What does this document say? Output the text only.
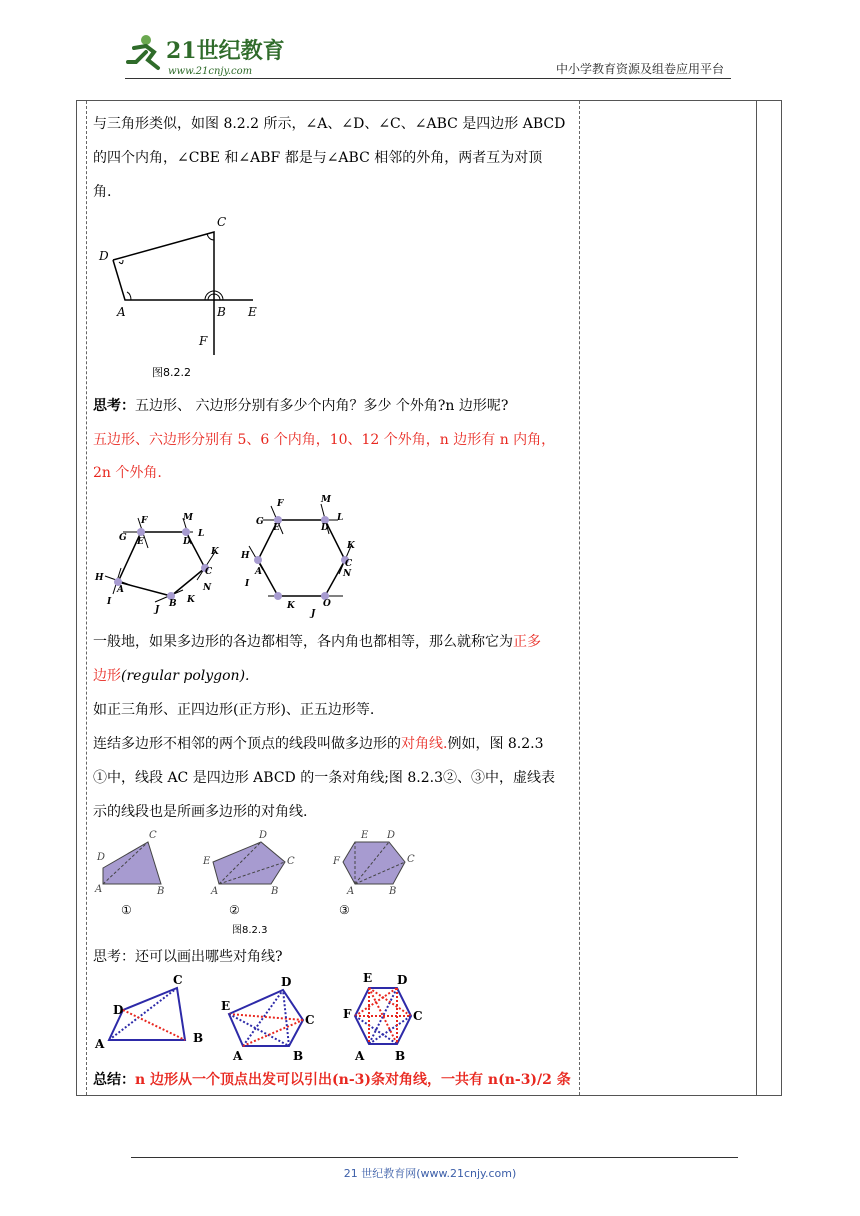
21世纪教育
www.21cnjy.com	中小学教育资源及组卷应用平台
与三角形类似，如图 8.2.2 所示，∠A、∠D、∠C、∠ABC 是四边形 ABCD
的四个内角，∠CBE 和∠ABF 都是与∠ABC 相邻的外角，两者互为对顶
角.
D
C
A	B E
F
图8.2.2
思考：五边形、 六边形分别有多少个内角？多少 个外角?n 边形呢?
五边形、六边形分别有 5、6 个内角，10、12 个外角，n 边形有 n 内角，
2n 个外角.
F	M
G E	D
L
K
C
N
H
A
I
J
B K
F	M
G
E	D
L
H
K
C
A	N
I
K	O
J
一般地，如果多边形的各边都相等，各内角也都相等，那么就称它为正多
边形(regular polygon).
如正三角形、正四边形(正方形)、正五边形等.
连结多边形不相邻的两个顶点的线段叫做多边形的对角线.例如，图 8.2.3
①中，线段 AC 是四边形 ABCD 的一条对角线;图 8.2.3②、③中，虚线表
示的线段也是所画多边形的对角线.
D
C
A	B
①
E
D
C
A	B
②
E D
C
F
A	B
③
图8.2.3
思考：还可以画出哪些对角线?
D
C
A	B
E
D
C
A	B
E D
C
F
A	B
总结：n 边形从一个顶点出发可以引出(n-3)条对角线，一共有 n(n-3)/2 条
21 世纪教育网(www.21cnjy.com)
